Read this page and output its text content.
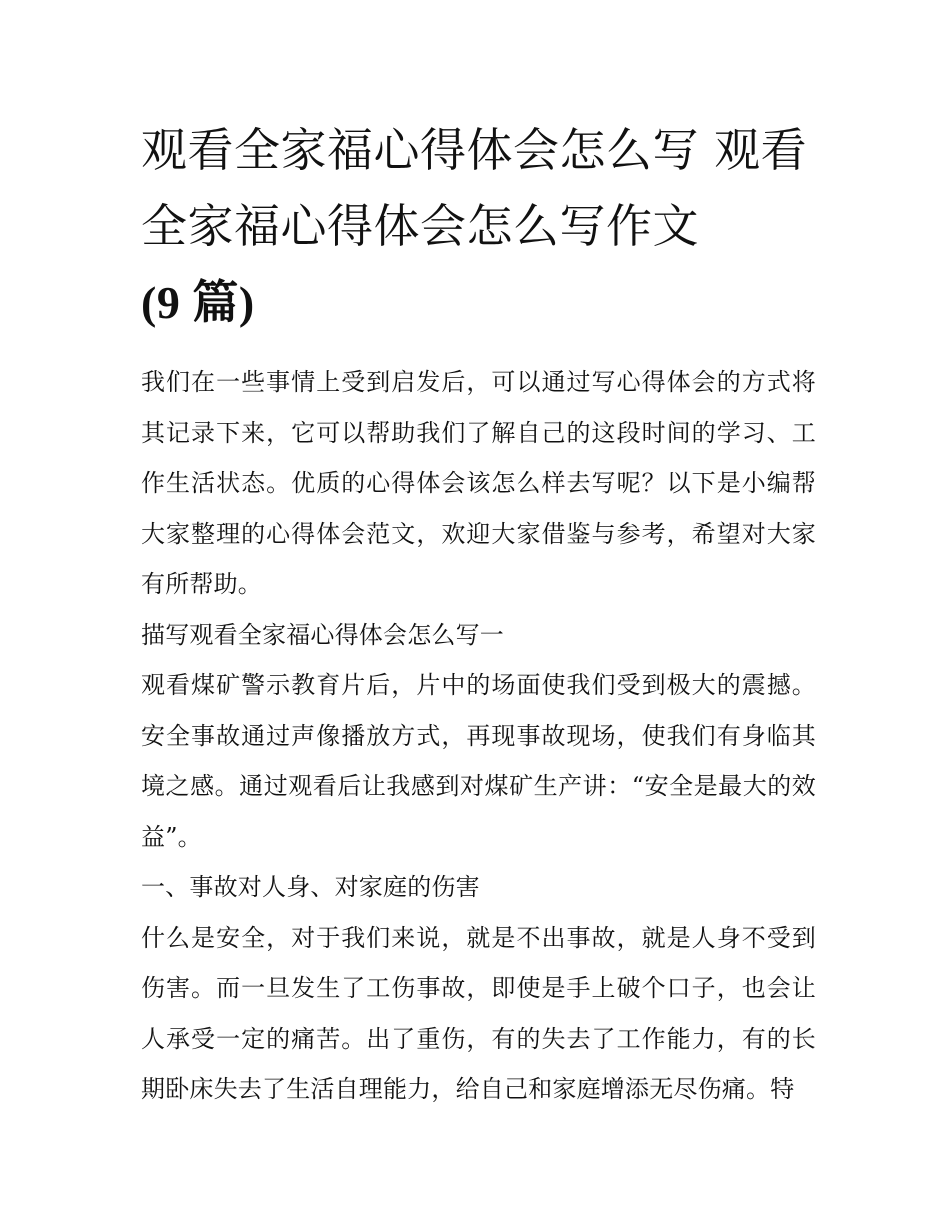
观看全家福心得体会怎么写 观看全家福心得体会怎么写作文
(9 篇)

我们在一些事情上受到启发后，可以通过写心得体会的方式将其记录下来，它可以帮助我们了解自己的这段时间的学习、工作生活状态。优质的心得体会该怎么样去写呢？以下是小编帮大家整理的心得体会范文，欢迎大家借鉴与参考，希望对大家有所帮助。

描写观看全家福心得体会怎么写一

观看煤矿警示教育片后，片中的场面使我们受到极大的震撼。安全事故通过声像播放方式，再现事故现场，使我们有身临其境之感。通过观看后让我感到对煤矿生产讲：“安全是最大的效益”。

一、事故对人身、对家庭的伤害

什么是安全，对于我们来说，就是不出事故，就是人身不受到伤害。而一旦发生了工伤事故，即使是手上破个口子，也会让人承受一定的痛苦。出了重伤，有的失去了工作能力，有的长期卧床失去了生活自理能力，给自己和家庭增添无尽伤痛。特
